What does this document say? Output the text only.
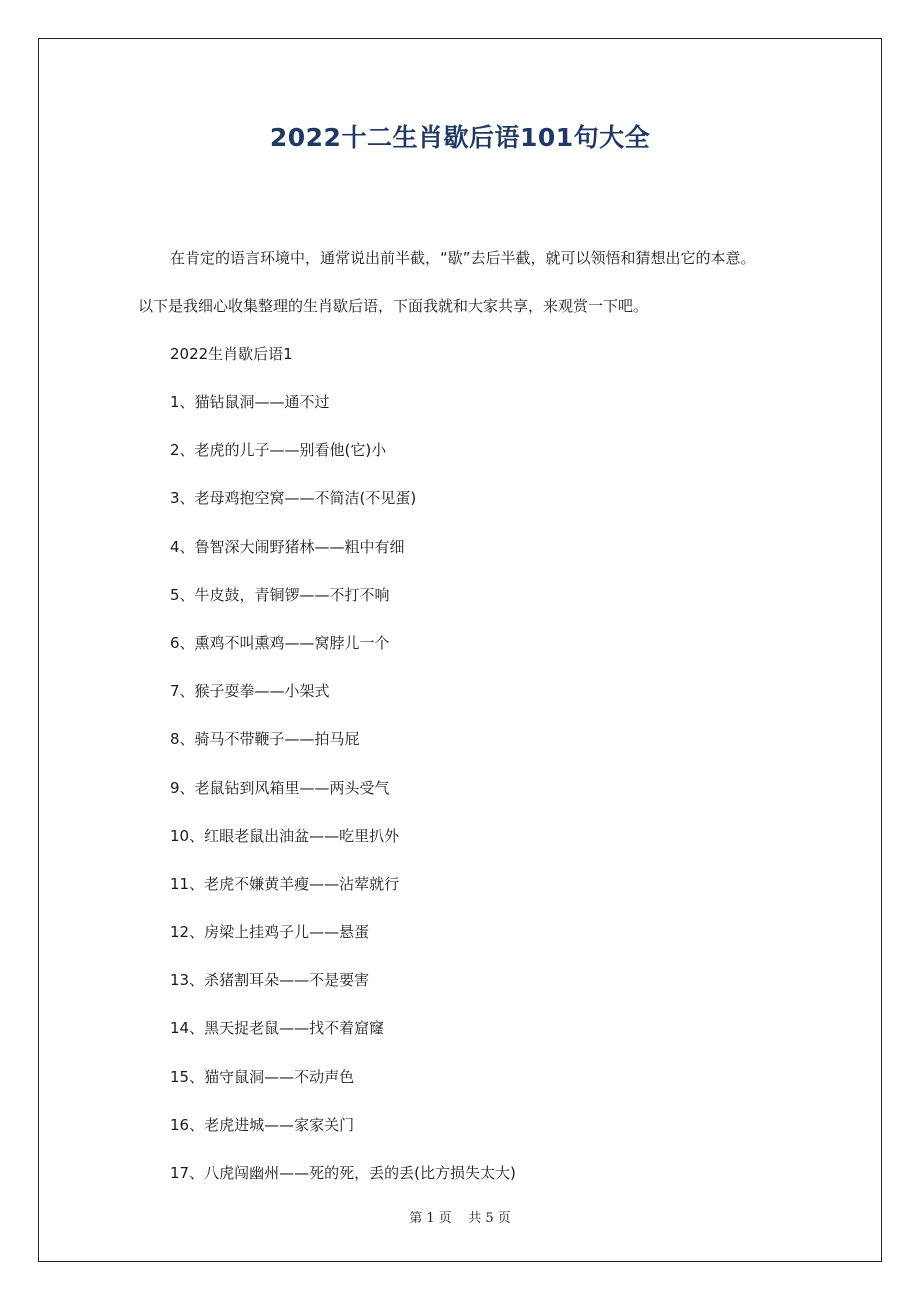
2022十二生肖歇后语101句大全
在肯定的语言环境中，通常说出前半截，“歇”去后半截，就可以领悟和猜想出它的本意。
以下是我细心收集整理的生肖歇后语，下面我就和大家共享，来观赏一下吧。
2022生肖歇后语1
1、猫钻鼠洞——通不过
2、老虎的儿子——别看他(它)小
3、老母鸡抱空窝——不简洁(不见蛋)
4、鲁智深大闹野猪林——粗中有细
5、牛皮鼓，青铜锣——不打不响
6、熏鸡不叫熏鸡——窝脖儿一个
7、猴子耍拳——小架式
8、骑马不带鞭子——拍马屁
9、老鼠钻到风箱里——两头受气
10、红眼老鼠出油盆——吃里扒外
11、老虎不嫌黄羊瘦——沾荤就行
12、房梁上挂鸡子儿——悬蛋
13、杀猪割耳朵——不是要害
14、黑天捉老鼠——找不着窟窿
15、猫守鼠洞——不动声色
16、老虎进城——家家关门
17、八虎闯幽州——死的死，丢的丢(比方损失太大)
第 1 页 共 5 页
